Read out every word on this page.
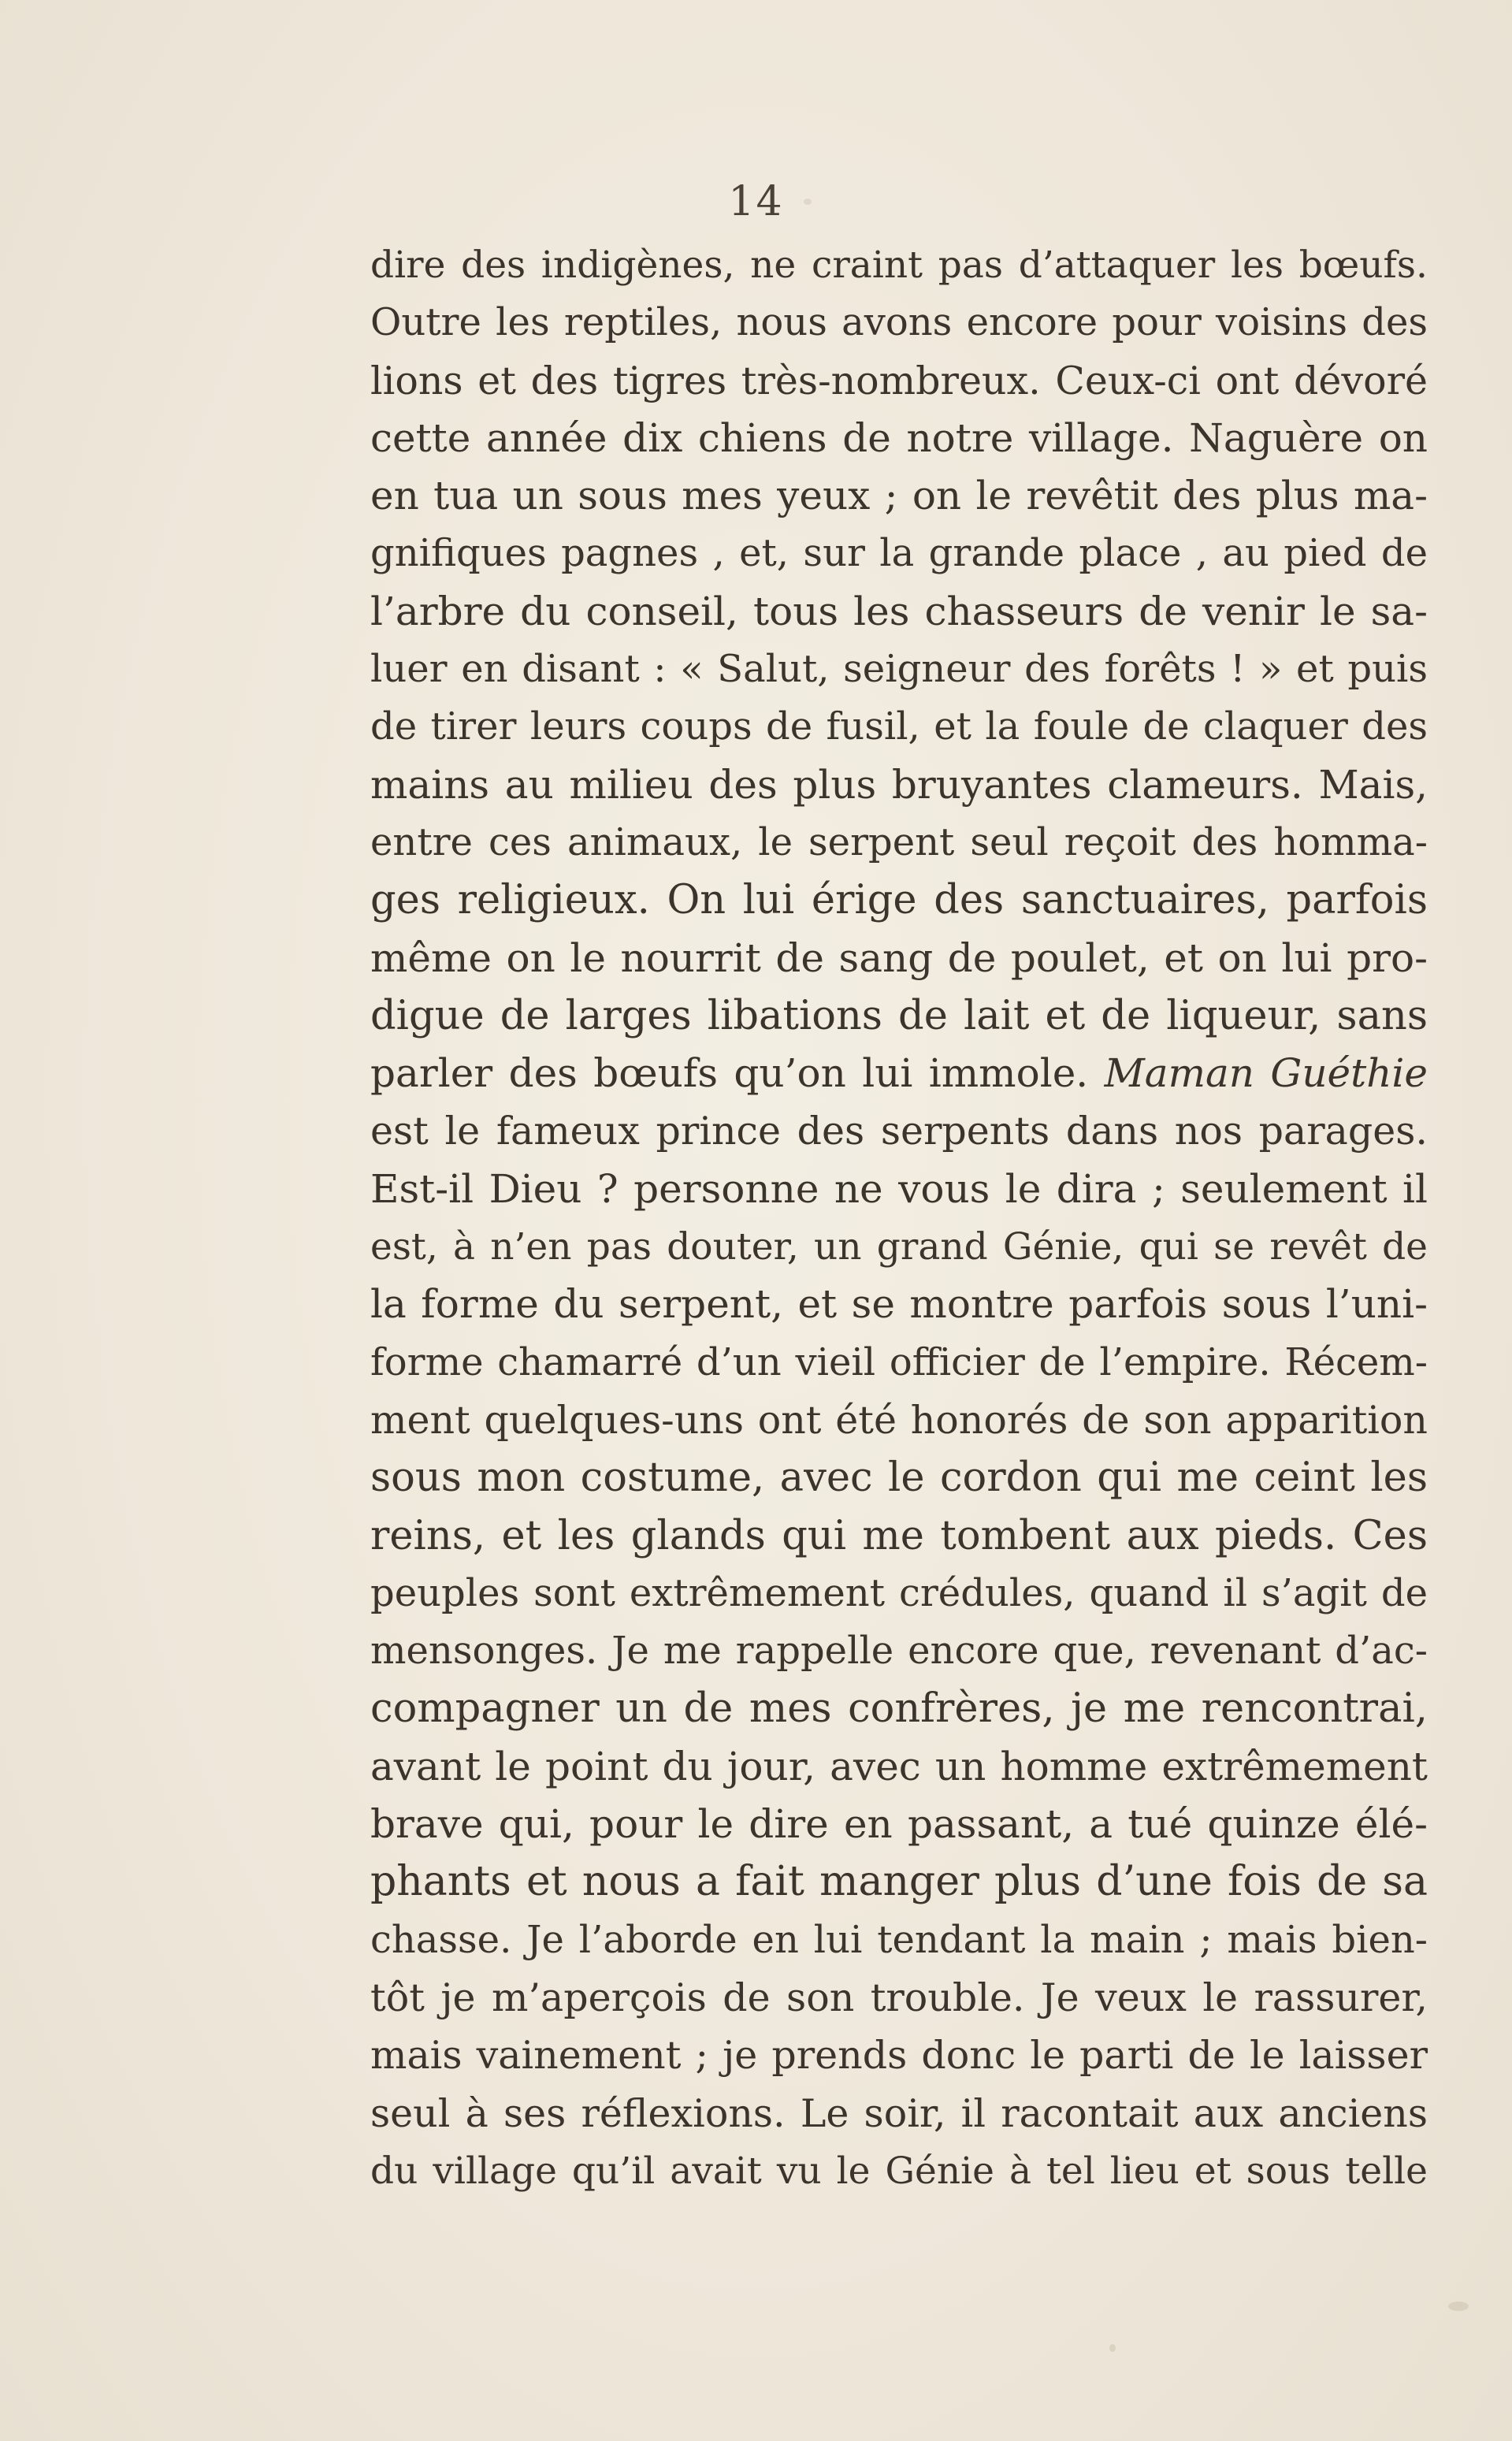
14
dire des indigènes, ne craint pas d’attaquer les bœufs.
Outre les reptiles, nous avons encore pour voisins des
lions et des tigres très-nombreux. Ceux-ci ont dévoré
cette année dix chiens de notre village. Naguère on
en tua un sous mes yeux ; on le revêtit des plus ma-
gnifiques pagnes , et, sur la grande place , au pied de
l’arbre du conseil, tous les chasseurs de venir le sa-
luer en disant : « Salut, seigneur des forêts ! » et puis
de tirer leurs coups de fusil, et la foule de claquer des
mains au milieu des plus bruyantes clameurs. Mais,
entre ces animaux, le serpent seul reçoit des homma-
ges religieux. On lui érige des sanctuaires, parfois
même on le nourrit de sang de poulet, et on lui pro-
digue de larges libations de lait et de liqueur, sans
parler des bœufs qu’on lui immole. Maman Guéthie
est le fameux prince des serpents dans nos parages.
Est-il Dieu ? personne ne vous le dira ; seulement il
est, à n’en pas douter, un grand Génie, qui se revêt de
la forme du serpent, et se montre parfois sous l’uni-
forme chamarré d’un vieil officier de l’empire. Récem-
ment quelques-uns ont été honorés de son apparition
sous mon costume, avec le cordon qui me ceint les
reins, et les glands qui me tombent aux pieds. Ces
peuples sont extrêmement crédules, quand il s’agit de
mensonges. Je me rappelle encore que, revenant d’ac-
compagner un de mes confrères, je me rencontrai,
avant le point du jour, avec un homme extrêmement
brave qui, pour le dire en passant, a tué quinze élé-
phants et nous a fait manger plus d’une fois de sa
chasse. Je l’aborde en lui tendant la main ; mais bien-
tôt je m’aperçois de son trouble. Je veux le rassurer,
mais vainement ; je prends donc le parti de le laisser
seul à ses réflexions. Le soir, il racontait aux anciens
du village qu’il avait vu le Génie à tel lieu et sous telle
